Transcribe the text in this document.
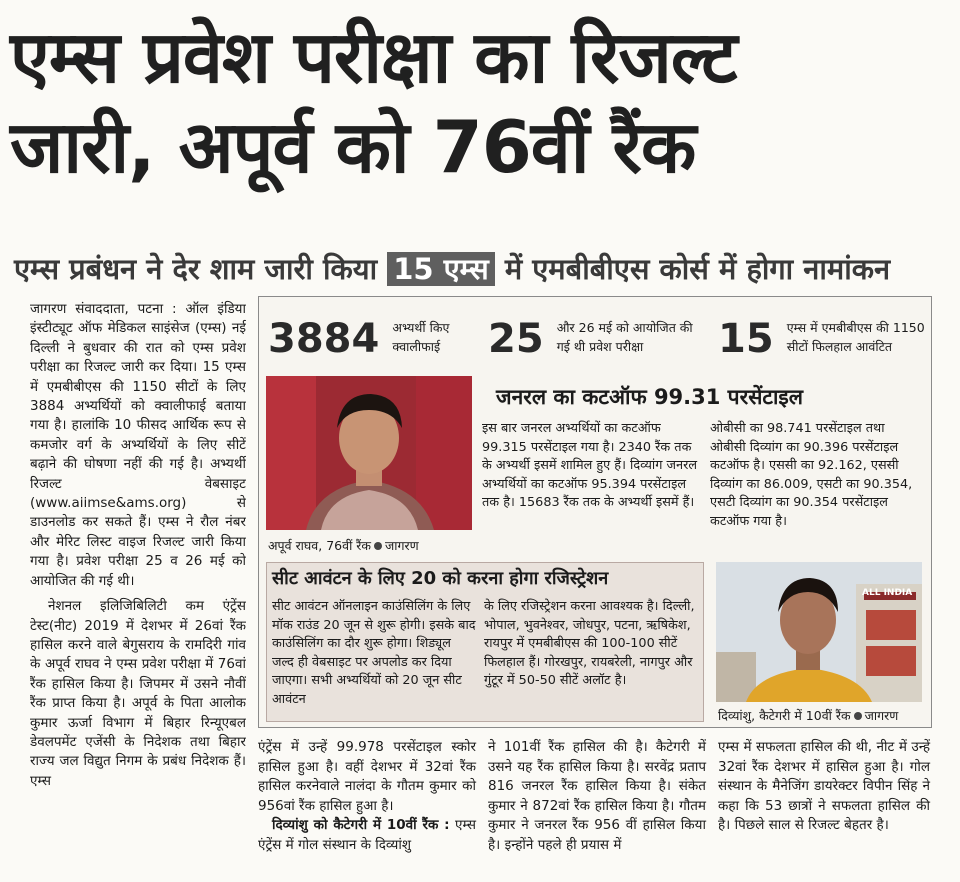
एम्स प्रवेश परीक्षा का रिजल्ट
जारी, अपूर्व को 76वीं रैंक
एम्स प्रबंधन ने देर शाम जारी किया 15 एम्स में एमबीबीएस कोर्स में होगा नामांकन

जागरण संवाददाता, पटना : ऑल इंडिया इंस्टीट्यूट ऑफ मेडिकल साइंसेज (एम्स) नई दिल्ली ने बुधवार की रात को एम्स प्रवेश परीक्षा का रिजल्ट जारी कर दिया। 15 एम्स में एमबीबीएस की 1150 सीटों के लिए 3884 अभ्यर्थियों को क्वालीफाई बताया गया है। हालांकि 10 फीसद आर्थिक रूप से कमजोर वर्ग के अभ्यर्थियों के लिए सीटें बढ़ाने की घोषणा नहीं की गई है। अभ्यर्थी रिजल्ट वेबसाइट (www.aiimse&ams.org) से डाउनलोड कर सकते हैं। एम्स ने रौल नंबर और मेरिट लिस्ट वाइज रिजल्ट जारी किया गया है। प्रवेश परीक्षा 25 व 26 मई को आयोजित की गई थी।

नेशनल इलिजिबिलिटी कम एंट्रेंस टेस्ट(नीट) 2019 में देशभर में 26वां रैंक हासिल करने वाले बेगुसराय के रामदिरी गांव के अपूर्व राघव ने एम्स प्रवेश परीक्षा में 76वां रैंक हासिल किया है। जिपमर में उसने नौवीं रैंक प्राप्त किया है। अपूर्व के पिता आलोक कुमार ऊर्जा विभाग में बिहार रिन्यूएबल डेवलपमेंट एजेंसी के निदेशक तथा बिहार राज्य जल विद्युत निगम के प्रबंध निदेशक हैं। एम्स

3884 अभ्यर्थी किए क्वालीफाई	25 और 26 मई को आयोजित की गई थी प्रवेश परीक्षा	15 एम्स में एमबीबीएस की 1150 सीटों फिलहाल आवंटित
अपूर्व राघव, 76वीं रैंक जागरण
जनरल का कटऑफ 99.31 परसेंटाइल
इस बार जनरल अभ्यर्थियों का कटऑफ 99.315 परसेंटाइल गया है। 2340 रैंक तक के अभ्यर्थी इसमें शामिल हुए हैं। दिव्यांग जनरल अभ्यर्थियों का कटऑफ 95.394 परसेंटाइल तक है। 15683 रैंक तक के अभ्यर्थी इसमें हैं।
ओबीसी का 98.741 परसेंटाइल तथा ओबीसी दिव्यांग का 90.396 परसेंटाइल कटऑफ है। एससी का 92.162, एससी दिव्यांग का 86.009, एसटी का 90.354, एसटी दिव्यांग का 90.354 परसेंटाइल कटऑफ गया है।
सीट आवंटन के लिए 20 को करना होगा रजिस्ट्रेशन
सीट आवंटन ऑनलाइन काउंसिलिंग के लिए मॉक राउंड 20 जून से शुरू होगी। इसके बाद काउंसिलिंग का दौर शुरू होगा। शिड्यूल जल्द ही वेबसाइट पर अपलोड कर दिया जाएगा। सभी अभ्यर्थियों को 20 जून सीट आवंटन
के लिए रजिस्ट्रेशन करना आवश्यक है। दिल्ली, भोपाल, भुवनेश्वर, जोधपुर, पटना, ऋषिकेश, रायपुर में एमबीबीएस की 100-100 सीटें फिलहाल हैं। गोरखपुर, रायबरेली, नागपुर और गुंटूर में 50-50 सीटें अलॉट है।
ALL INDIA
दिव्यांशु, कैटेगरी में 10वीं रैंक जागरण

एंट्रेंस में उन्हें 99.978 परसेंटाइल स्कोर हासिल हुआ है। वहीं देशभर में 32वां रैंक हासिल करनेवाले नालंदा के गौतम कुमार को 956वां रैंक हासिल हुआ है।

दिव्यांशु को कैटेगरी में 10वीं रैंक : एम्स एंट्रेंस में गोल संस्थान के दिव्यांशु

ने 101वीं रैंक हासिल की है। कैटेगरी में उसने यह रैंक हासिल किया है। सरवेंद्र प्रताप 816 जनरल रैंक हासिल किया है। संकेत कुमार ने 872वां रैंक हासिल किया है। गौतम कुमार ने जनरल रैंक 956 वीं हासिल किया है। इन्होंने पहले ही प्रयास में

एम्स में सफलता हासिल की थी, नीट में उन्हें 32वां रैंक देशभर में हासिल हुआ है। गोल संस्थान के मैनेजिंग डायरेक्टर विपीन सिंह ने कहा कि 53 छात्रों ने सफलता हासिल की है। पिछले साल से रिजल्ट बेहतर है।
